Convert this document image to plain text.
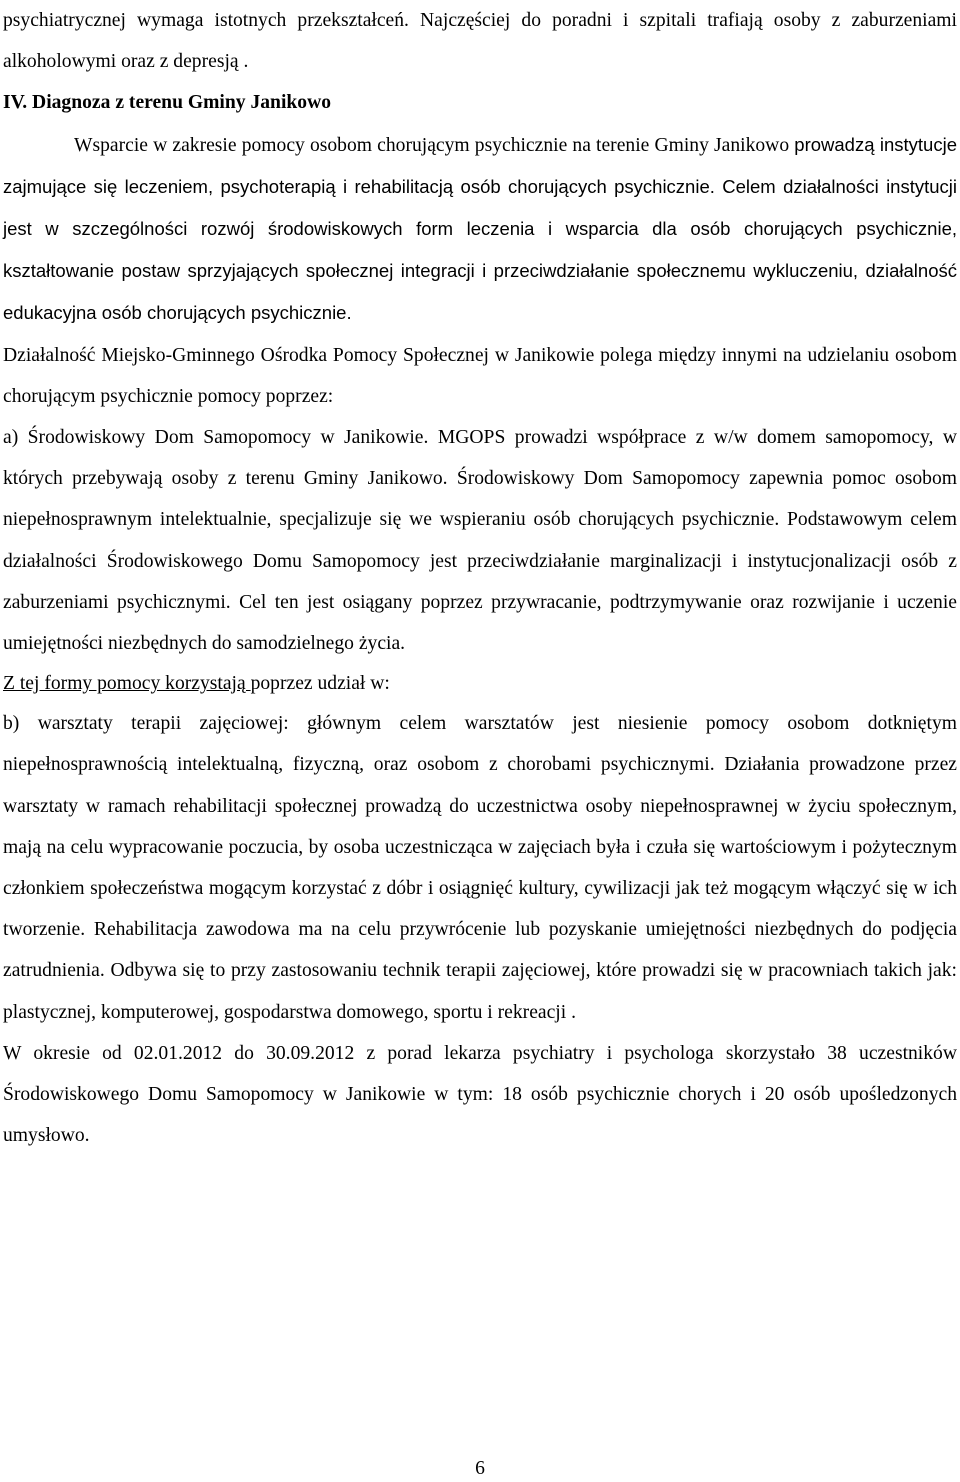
psychiatrycznej wymaga istotnych przekształceń. Najczęściej do poradni i szpitali trafiają osoby z zaburzeniami alkoholowymi oraz z depresją .

IV. Diagnoza z terenu Gminy Janikowo

Wsparcie w zakresie pomocy osobom chorującym psychicznie na terenie Gminy Janikowo prowadzą instytucje zajmujące się leczeniem, psychoterapią i rehabilitacją osób chorujących psychicznie. Celem działalności instytucji jest w szczególności rozwój środowiskowych form leczenia i wsparcia dla osób chorujących psychicznie, kształtowanie postaw sprzyjających społecznej integracji i przeciwdziałanie społecznemu wykluczeniu, działalność edukacyjna osób chorujących psychicznie.

Działalność Miejsko-Gminnego Ośrodka Pomocy Społecznej w Janikowie polega między innymi na udzielaniu osobom chorującym psychicznie pomocy poprzez:

a) Środowiskowy Dom Samopomocy w Janikowie. MGOPS prowadzi współprace z w/w domem samopomocy, w których przebywają osoby z terenu Gminy Janikowo. Środowiskowy Dom Samopomocy zapewnia pomoc osobom niepełnosprawnym intelektualnie, specjalizuje się we wspieraniu osób chorujących psychicznie. Podstawowym celem działalności Środowiskowego Domu Samopomocy jest przeciwdziałanie marginalizacji i instytucjonalizacji osób z zaburzeniami psychicznymi. Cel ten jest osiągany poprzez przywracanie, podtrzymywanie oraz rozwijanie i uczenie umiejętności niezbędnych do samodzielnego życia.

Z tej formy pomocy korzystają poprzez udział w:

b) warsztaty terapii zajęciowej: głównym celem warsztatów jest niesienie pomocy osobom dotkniętym niepełnosprawnością intelektualną, fizyczną, oraz osobom z chorobami psychicznymi. Działania prowadzone przez warsztaty w ramach rehabilitacji społecznej prowadzą do uczestnictwa osoby niepełnosprawnej w życiu społecznym, mają na celu wypracowanie poczucia, by osoba uczestnicząca w zajęciach była i czuła się wartościowym i pożytecznym członkiem społeczeństwa mogącym korzystać z dóbr i osiągnięć kultury, cywilizacji jak też mogącym włączyć się w ich tworzenie. Rehabilitacja zawodowa ma na celu przywrócenie lub pozyskanie umiejętności niezbędnych do podjęcia zatrudnienia. Odbywa się to przy zastosowaniu technik terapii zajęciowej, które prowadzi się w pracowniach takich jak: plastycznej, komputerowej, gospodarstwa domowego, sportu i rekreacji .

W okresie od 02.01.2012 do 30.09.2012 z porad lekarza psychiatry i psychologa skorzystało 38 uczestników Środowiskowego Domu Samopomocy w Janikowie w tym: 18 osób psychicznie chorych i 20 osób upośledzonych umysłowo.

6
